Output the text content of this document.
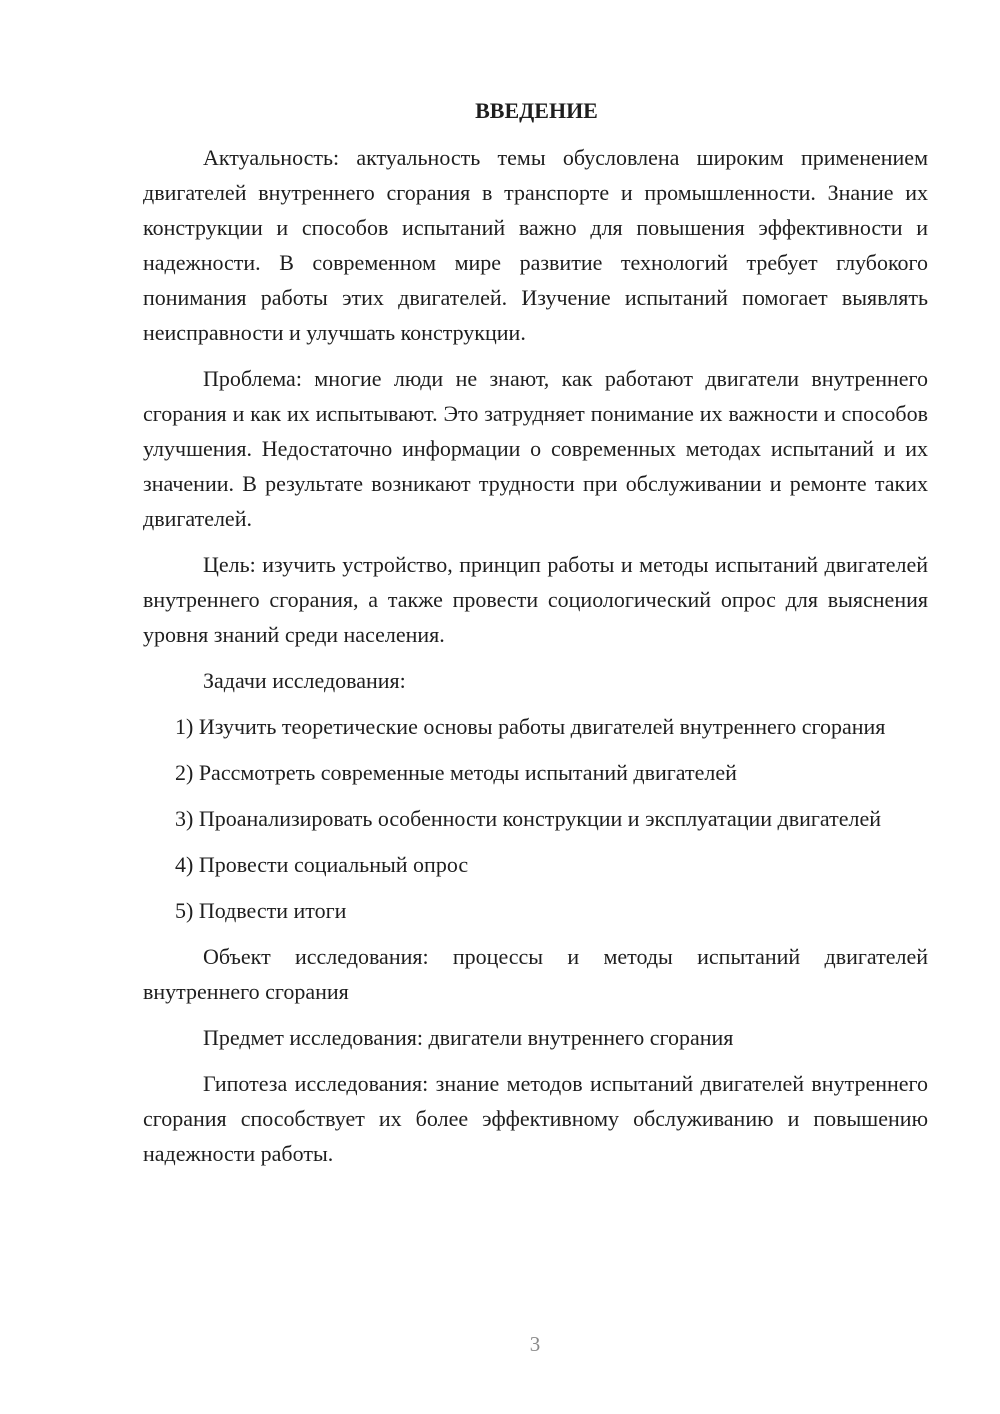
ВВЕДЕНИЕ

Актуальность: актуальность темы обусловлена широким применением двигателей внутреннего сгорания в транспорте и промышленности. Знание их конструкции и способов испытаний важно для повышения эффективности и надежности. В современном мире развитие технологий требует глубокого понимания работы этих двигателей. Изучение испытаний помогает выявлять неисправности и улучшать конструкции.

Проблема: многие люди не знают, как работают двигатели внутреннего сгорания и как их испытывают. Это затрудняет понимание их важности и способов улучшения. Недостаточно информации о современных методах испытаний и их значении. В результате возникают трудности при обслуживании и ремонте таких двигателей.

Цель: изучить устройство, принцип работы и методы испытаний двигателей внутреннего сгорания, а также провести социологический опрос для выяснения уровня знаний среди населения.

Задачи исследования:

1) Изучить теоретические основы работы двигателей внутреннего сгорания

2) Рассмотреть современные методы испытаний двигателей

3) Проанализировать особенности конструкции и эксплуатации двигателей

4) Провести социальный опрос

5) Подвести итоги

Объект исследования: процессы и методы испытаний двигателей внутреннего сгорания

Предмет исследования: двигатели внутреннего сгорания

Гипотеза исследования: знание методов испытаний двигателей внутреннего сгорания способствует их более эффективному обслуживанию и повышению надежности работы.

3
